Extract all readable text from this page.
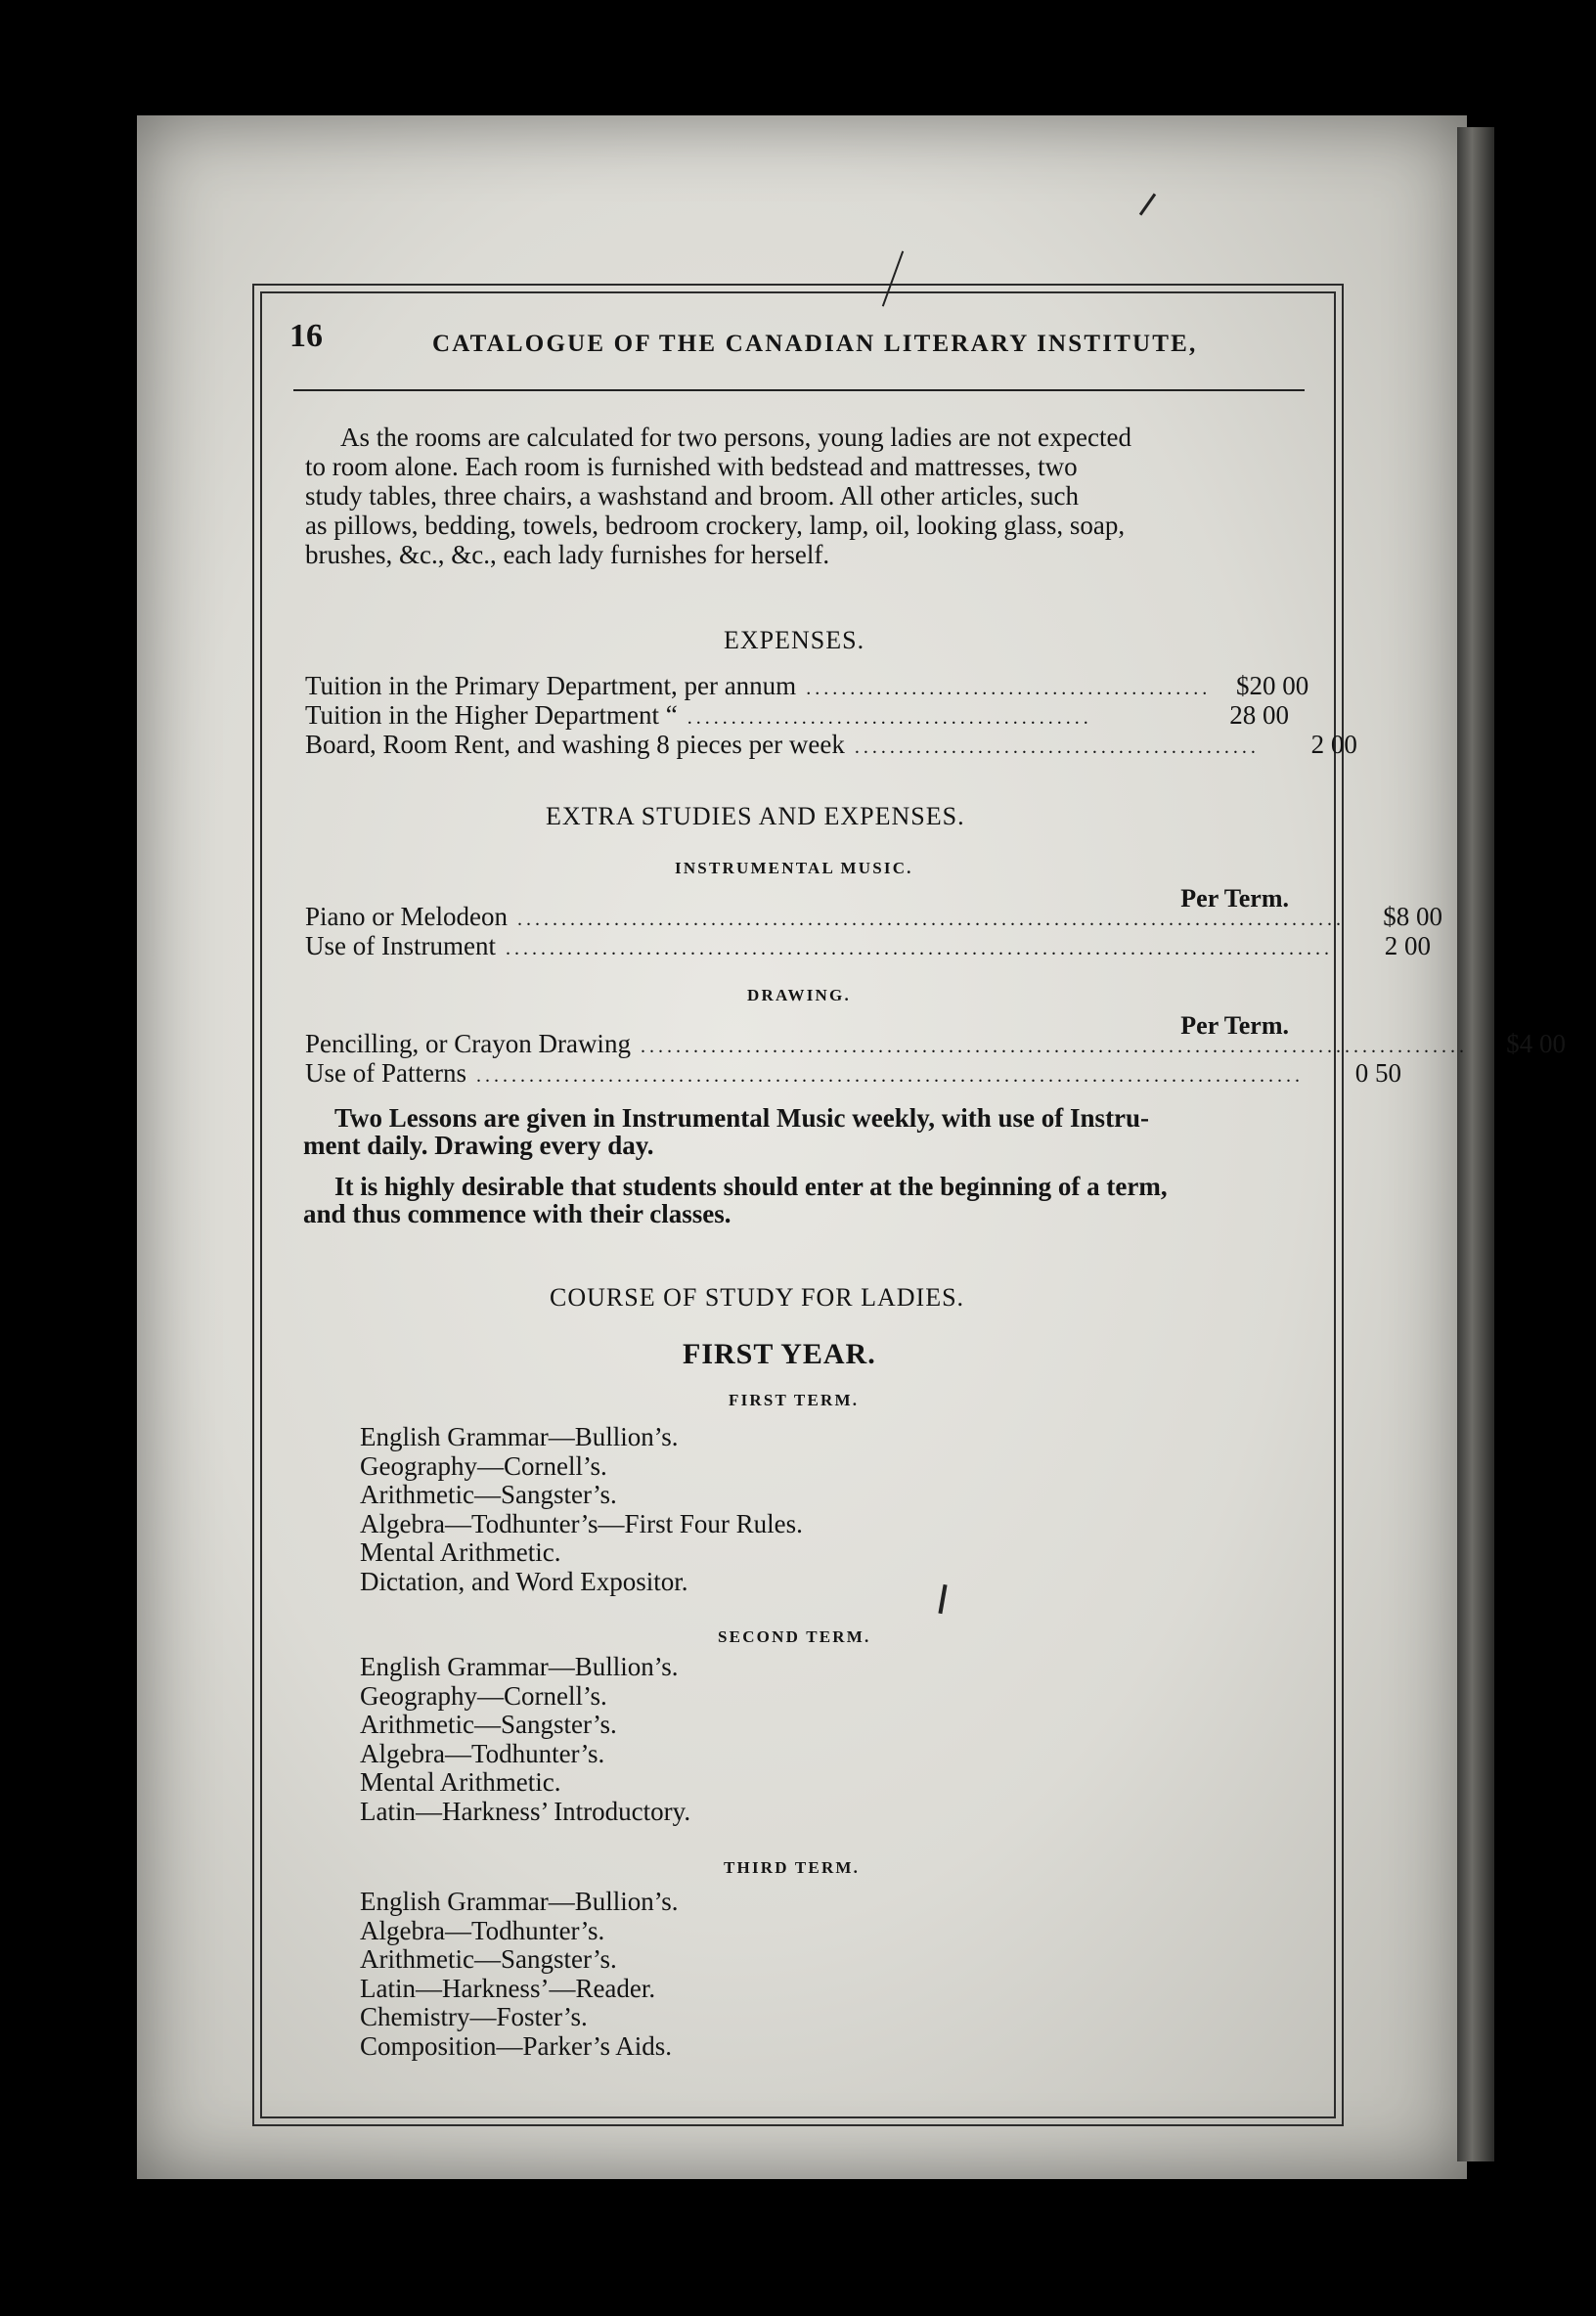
16	CATALOGUE OF THE CANADIAN LITERARY INSTITUTE,
As the rooms are calculated for two persons, young ladies are not expected
to room alone. Each room is furnished with bedstead and mattresses, two
study tables, three chairs, a washstand and broom. All other articles, such
as pillows, bedding, towels, bedroom crockery, lamp, oil, looking glass, soap,
brushes, &c., &c., each lady furnishes for herself.
EXPENSES.
Tuition in the Primary Department, per annum .............................................. $20 00
Tuition in the Higher Department “ ..............................................	28 00
Board, Room Rent, and washing 8 pieces per week ..............................................	2 00
EXTRA STUDIES AND EXPENSES.
INSTRUMENTAL MUSIC.
Per Term.
Piano or Melodeon ..............................................................................................	$8 00
Use of Instrument ..............................................................................................	2 00
DRAWING.
Per Term.
Pencilling, or Crayon Drawing ..............................................................................................	$4 00
Use of Patterns ..............................................................................................	0 50
Two Lessons are given in Instrumental Music weekly, with use of Instru-
ment daily. Drawing every day.
It is highly desirable that students should enter at the beginning of a term,
and thus commence with their classes.
COURSE OF STUDY FOR LADIES.
FIRST YEAR.
FIRST TERM.
English Grammar—Bullion’s.
Geography—Cornell’s.
Arithmetic—Sangster’s.
Algebra—Todhunter’s—First Four Rules.
Mental Arithmetic.
Dictation, and Word Expositor.
SECOND TERM.
English Grammar—Bullion’s.
Geography—Cornell’s.
Arithmetic—Sangster’s.
Algebra—Todhunter’s.
Mental Arithmetic.
Latin—Harkness’ Introductory.
THIRD TERM.
English Grammar—Bullion’s.
Algebra—Todhunter’s.
Arithmetic—Sangster’s.
Latin—Harkness’—Reader.
Chemistry—Foster’s.
Composition—Parker’s Aids.
